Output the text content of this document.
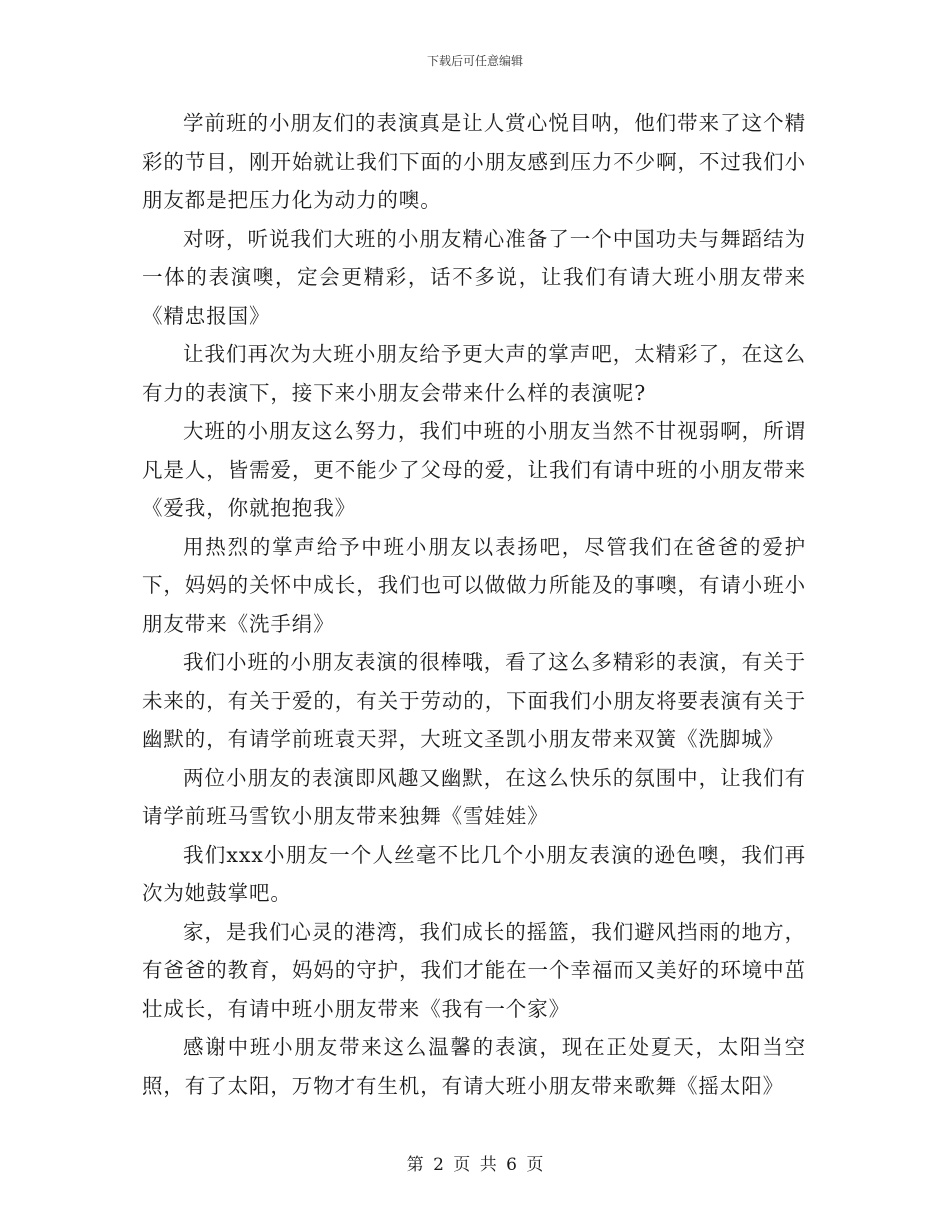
下载后可任意编辑

学前班的小朋友们的表演真是让人赏心悦目呐，他们带来了这个精彩的节目，刚开始就让我们下面的小朋友感到压力不少啊，不过我们小朋友都是把压力化为动力的噢。

对呀，听说我们大班的小朋友精心准备了一个中国功夫与舞蹈结为一体的表演噢，定会更精彩，话不多说，让我们有请大班小朋友带来《精忠报国》

让我们再次为大班小朋友给予更大声的掌声吧，太精彩了，在这么有力的表演下，接下来小朋友会带来什么样的表演呢?

大班的小朋友这么努力，我们中班的小朋友当然不甘视弱啊，所谓凡是人，皆需爱，更不能少了父母的爱，让我们有请中班的小朋友带来《爱我，你就抱抱我》

用热烈的掌声给予中班小朋友以表扬吧，尽管我们在爸爸的爱护下，妈妈的关怀中成长，我们也可以做做力所能及的事噢，有请小班小朋友带来《洗手绢》

我们小班的小朋友表演的很棒哦，看了这么多精彩的表演，有关于未来的，有关于爱的，有关于劳动的，下面我们小朋友将要表演有关于幽默的，有请学前班袁天羿，大班文圣凯小朋友带来双簧《洗脚城》

两位小朋友的表演即风趣又幽默，在这么快乐的氛围中，让我们有请学前班马雪钦小朋友带来独舞《雪娃娃》

我们xxx小朋友一个人丝毫不比几个小朋友表演的逊色噢，我们再次为她鼓掌吧。

家，是我们心灵的港湾，我们成长的摇篮，我们避风挡雨的地方，有爸爸的教育，妈妈的守护，我们才能在一个幸福而又美好的环境中茁壮成长，有请中班小朋友带来《我有一个家》

感谢中班小朋友带来这么温馨的表演，现在正处夏天，太阳当空照，有了太阳，万物才有生机，有请大班小朋友带来歌舞《摇太阳》

第 2 页 共 6 页
